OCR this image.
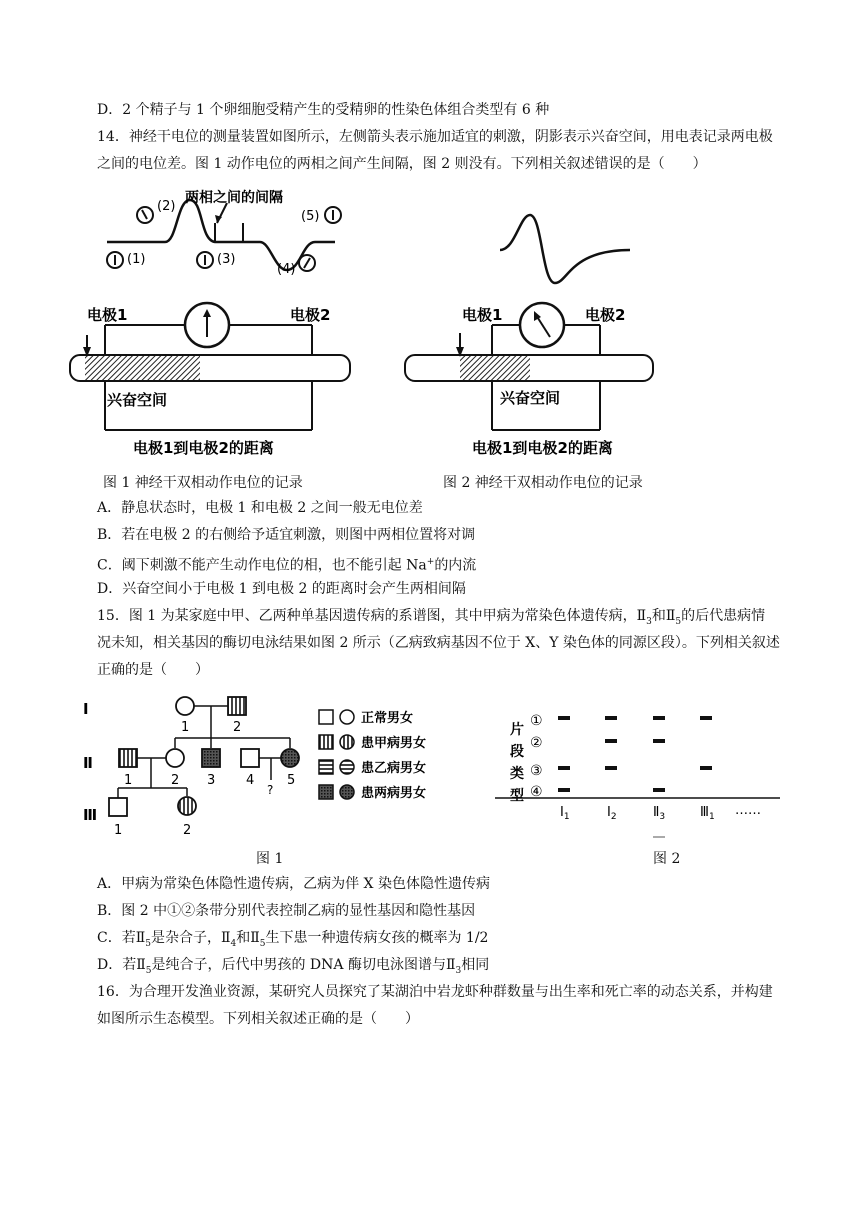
D．2 个精子与 1 个卵细胞受精产生的受精卵的性染色体组合类型有 6 种
14．神经干电位的测量装置如图所示，左侧箭头表示施加适宜的刺激，阴影表示兴奋空间，用电表记录两电极
之间的电位差。图 1 动作电位的两相之间产生间隔，图 2 则没有。下列相关叙述错误的是（　　）
两相之间的间隔
(1)
(2)
(3)
(4)
(5)
电极1	电极2
兴奋空间
电极1到电极2的距离
图 1 神经干双相动作电位的记录
电极1	电极2
兴奋空间
电极1到电极2的距离
图 2 神经干双相动作电位的记录
A．静息状态时，电极 1 和电极 2 之间一般无电位差
B．若在电极 2 的右侧给予适宜刺激，则图中两相位置将对调
C．阈下刺激不能产生动作电位的相，也不能引起 Na+的内流
D．兴奋空间小于电极 1 到电极 2 的距离时会产生两相间隔
15．图 1 为某家庭中甲、乙两种单基因遗传病的系谱图，其中甲病为常染色体遗传病，$Ⅱ_3$和$Ⅱ_5$的后代患病情
况未知，相关基因的酶切电泳结果如图 2 所示（乙病致病基因不位于 X、Y 染色体的同源区段）。下列相关叙述
正确的是（　　）
Ⅰ
Ⅱ
Ⅲ
1	2
?
1	2 3 4	5
1	2
正常男女
患甲病男女
患乙病男女
患两病男女
图 1
片
段
类
型
①
②
③
④
$Ⅰ_1$	$Ⅰ_2$	$Ⅱ_3$	$Ⅲ_1$ ……
图 2
A．甲病为常染色体隐性遗传病，乙病为伴 X 染色体隐性遗传病
B．图 2 中①②条带分别代表控制乙病的显性基因和隐性基因
C．若$Ⅱ_5$是杂合子，$Ⅱ_4$和$Ⅱ_5$生下患一种遗传病女孩的概率为 1/2
D．若$Ⅱ_5$是纯合子，后代中男孩的 DNA 酶切电泳图谱与$Ⅱ_3$相同
16．为合理开发渔业资源，某研究人员探究了某湖泊中岩龙虾种群数量与出生率和死亡率的动态关系，并构建
如图所示生态模型。下列相关叙述正确的是（　　）
